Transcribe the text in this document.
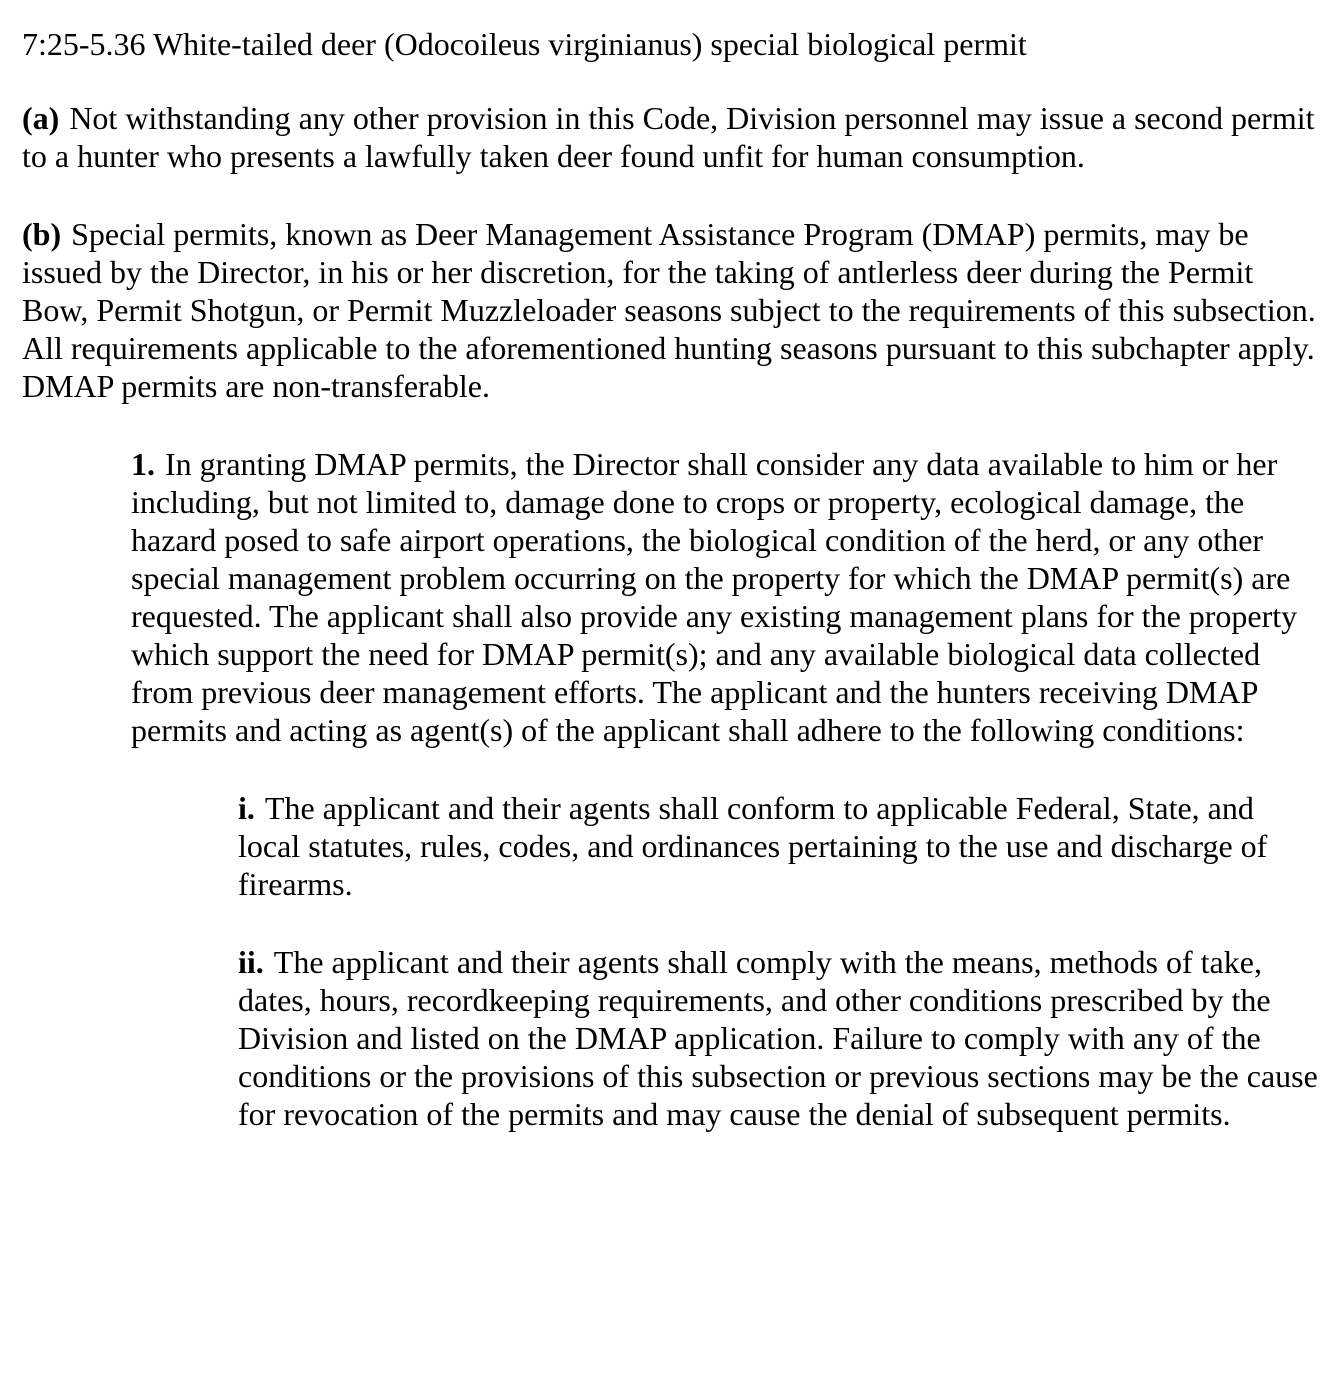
7:25-5.36 White-tailed deer (Odocoileus virginianus) special biological permit
(a) Not withstanding any other provision in this Code, Division personnel may issue a second permit to a hunter who presents a lawfully taken deer found unfit for human consumption.
(b) Special permits, known as Deer Management Assistance Program (DMAP) permits, may be issued by the Director, in his or her discretion, for the taking of antlerless deer during the Permit Bow, Permit Shotgun, or Permit Muzzleloader seasons subject to the requirements of this subsection. All requirements applicable to the aforementioned hunting seasons pursuant to this subchapter apply. DMAP permits are non-transferable.
1. In granting DMAP permits, the Director shall consider any data available to him or her including, but not limited to, damage done to crops or property, ecological damage, the hazard posed to safe airport operations, the biological condition of the herd, or any other special management problem occurring on the property for which the DMAP permit(s) are requested. The applicant shall also provide any existing management plans for the property which support the need for DMAP permit(s); and any available biological data collected from previous deer management efforts. The applicant and the hunters receiving DMAP permits and acting as agent(s) of the applicant shall adhere to the following conditions:
i. The applicant and their agents shall conform to applicable Federal, State, and local statutes, rules, codes, and ordinances pertaining to the use and discharge of firearms.
ii. The applicant and their agents shall comply with the means, methods of take, dates, hours, recordkeeping requirements, and other conditions prescribed by the Division and listed on the DMAP application. Failure to comply with any of the conditions or the provisions of this subsection or previous sections may be the cause for revocation of the permits and may cause the denial of subsequent permits.
